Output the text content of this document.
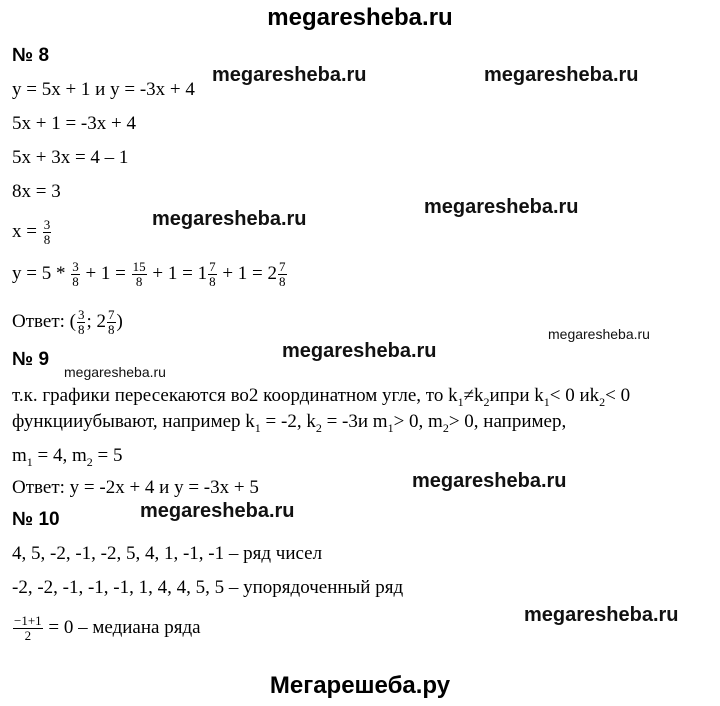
megaresheba.ru
№ 8
y = 5x + 1 и y = -3x + 4
5x + 1 = -3x + 4
5x + 3x = 4 – 1
8x = 3
$x = \frac{3}{8}$
$y = 5 * \frac{3}{8} + 1 = \frac{15}{8} + 1 = 1 \frac{7}{8} + 1 = 2 \frac{7}{8}$
Ответ: ( $\frac{3}{8}$ ; $2 \frac{7}{8}$ )
№ 9
т.к. графики пересекаются во2 координатном угле, то $k_1\ne k_2ипри$ $k_1< 0$ $иk_2< 0$
функцииубывают, например $k_1 = -2$, $k_2 = -3и$ $m_1> 0$, $m_2> 0$, например,
$m_1 = 4$, $m_2 = 5$
Ответ: y = -2x + 4 и y = -3x + 5
№ 10
4, 5, -2, -1, -2, 5, 4, 1, -1, -1 – ряд чисел
-2, -2, -1, -1, -1, 1, 4, 4, 5, 5 – упорядоченный ряд
$\frac{-1+1}{2} = 0$ – медиана ряда
megaresheba.ru	megaresheba.ru
megaresheba.ru
megaresheba.ru
megaresheba.ru
megaresheba.ru
megaresheba.ru
megaresheba.ru
megaresheba.ru
megaresheba.ru
Мегарешеба.ру
